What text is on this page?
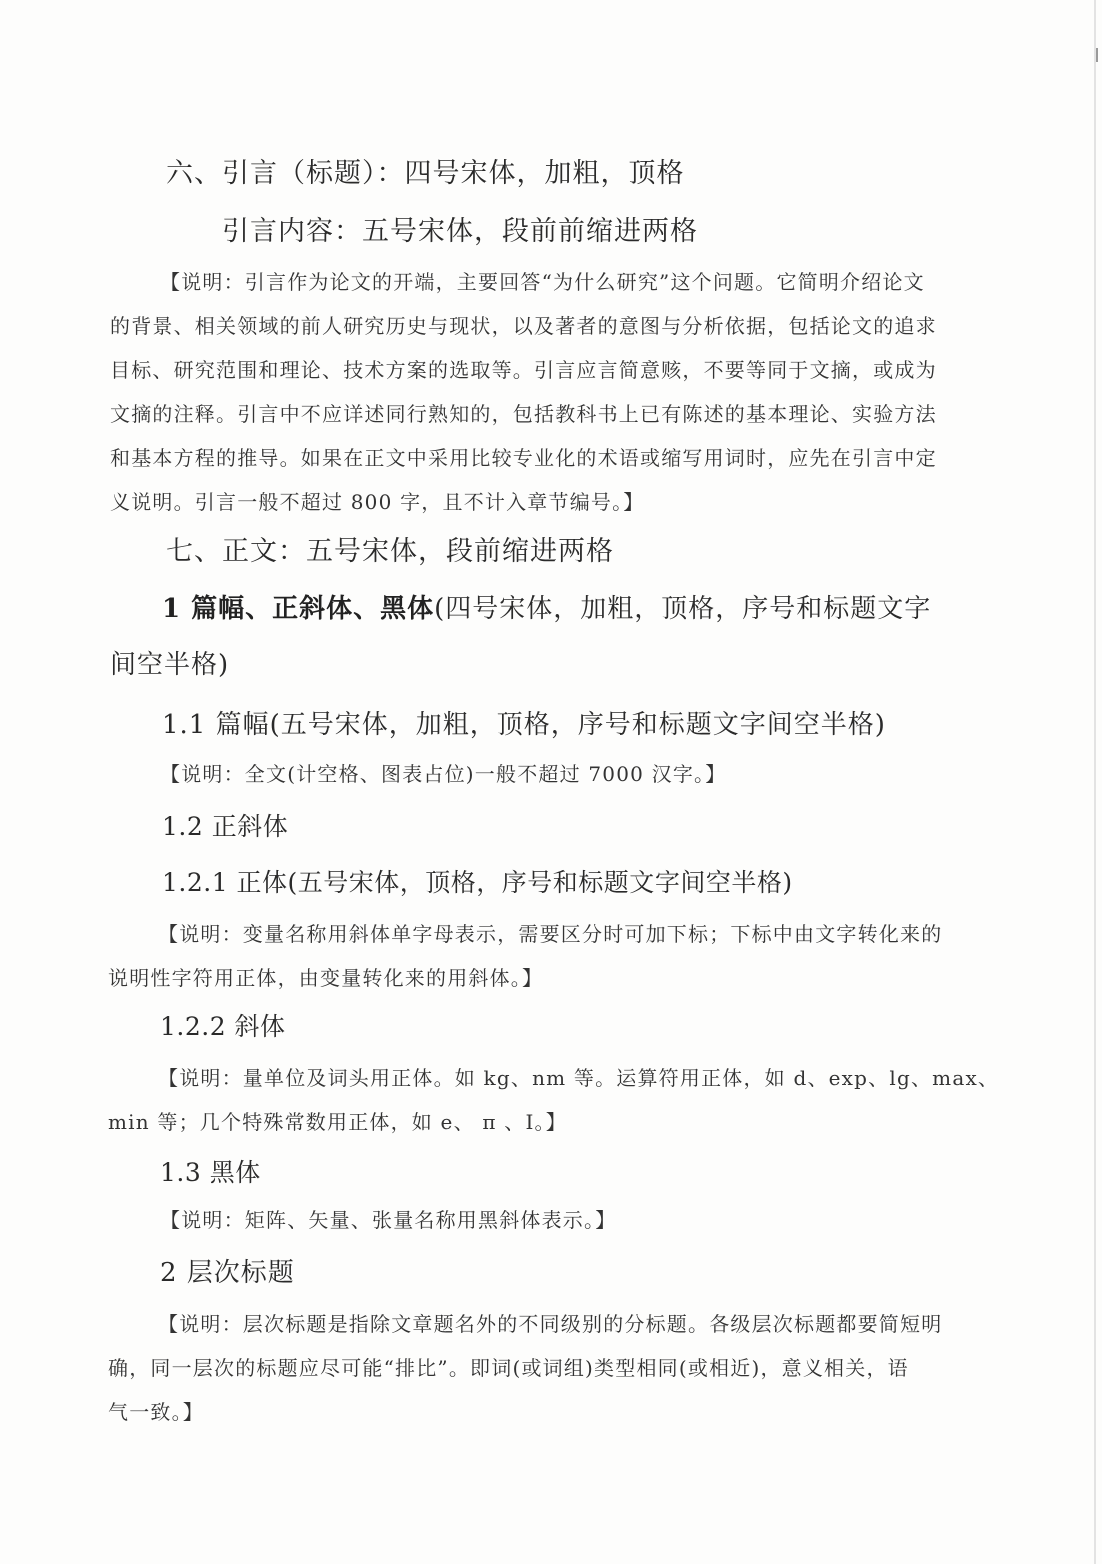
六、引言（标题）：四号宋体，加粗，顶格
引言内容：五号宋体，段前前缩进两格
【说明：引言作为论文的开端，主要回答“为什么研究”这个问题。它简明介绍论文
的背景、相关领域的前人研究历史与现状，以及著者的意图与分析依据，包括论文的追求
目标、研究范围和理论、技术方案的选取等。引言应言简意赅，不要等同于文摘，或成为
文摘的注释。引言中不应详述同行熟知的，包括教科书上已有陈述的基本理论、实验方法
和基本方程的推导。如果在正文中采用比较专业化的术语或缩写用词时，应先在引言中定
义说明。引言一般不超过 800 字，且不计入章节编号。】
七、正文：五号宋体，段前缩进两格
1 篇幅、正斜体、黑体(四号宋体，加粗，顶格，序号和标题文字
间空半格)
1.1 篇幅(五号宋体，加粗，顶格，序号和标题文字间空半格)
【说明：全文(计空格、图表占位)一般不超过 7000 汉字。】
1.2 正斜体
1.2.1 正体(五号宋体，顶格，序号和标题文字间空半格)
【说明：变量名称用斜体单字母表示，需要区分时可加下标；下标中由文字转化来的
说明性字符用正体，由变量转化来的用斜体。】
1.2.2 斜体
【说明：量单位及词头用正体。如 kg、nm 等。运算符用正体，如 d、exp、lg、max、
min 等；几个特殊常数用正体，如 e、 π 、I。】
1.3 黑体
【说明：矩阵、矢量、张量名称用黑斜体表示。】
2 层次标题
【说明：层次标题是指除文章题名外的不同级别的分标题。各级层次标题都要简短明
确，同一层次的标题应尽可能“排比”。即词(或词组)类型相同(或相近)，意义相关，语
气一致。】
